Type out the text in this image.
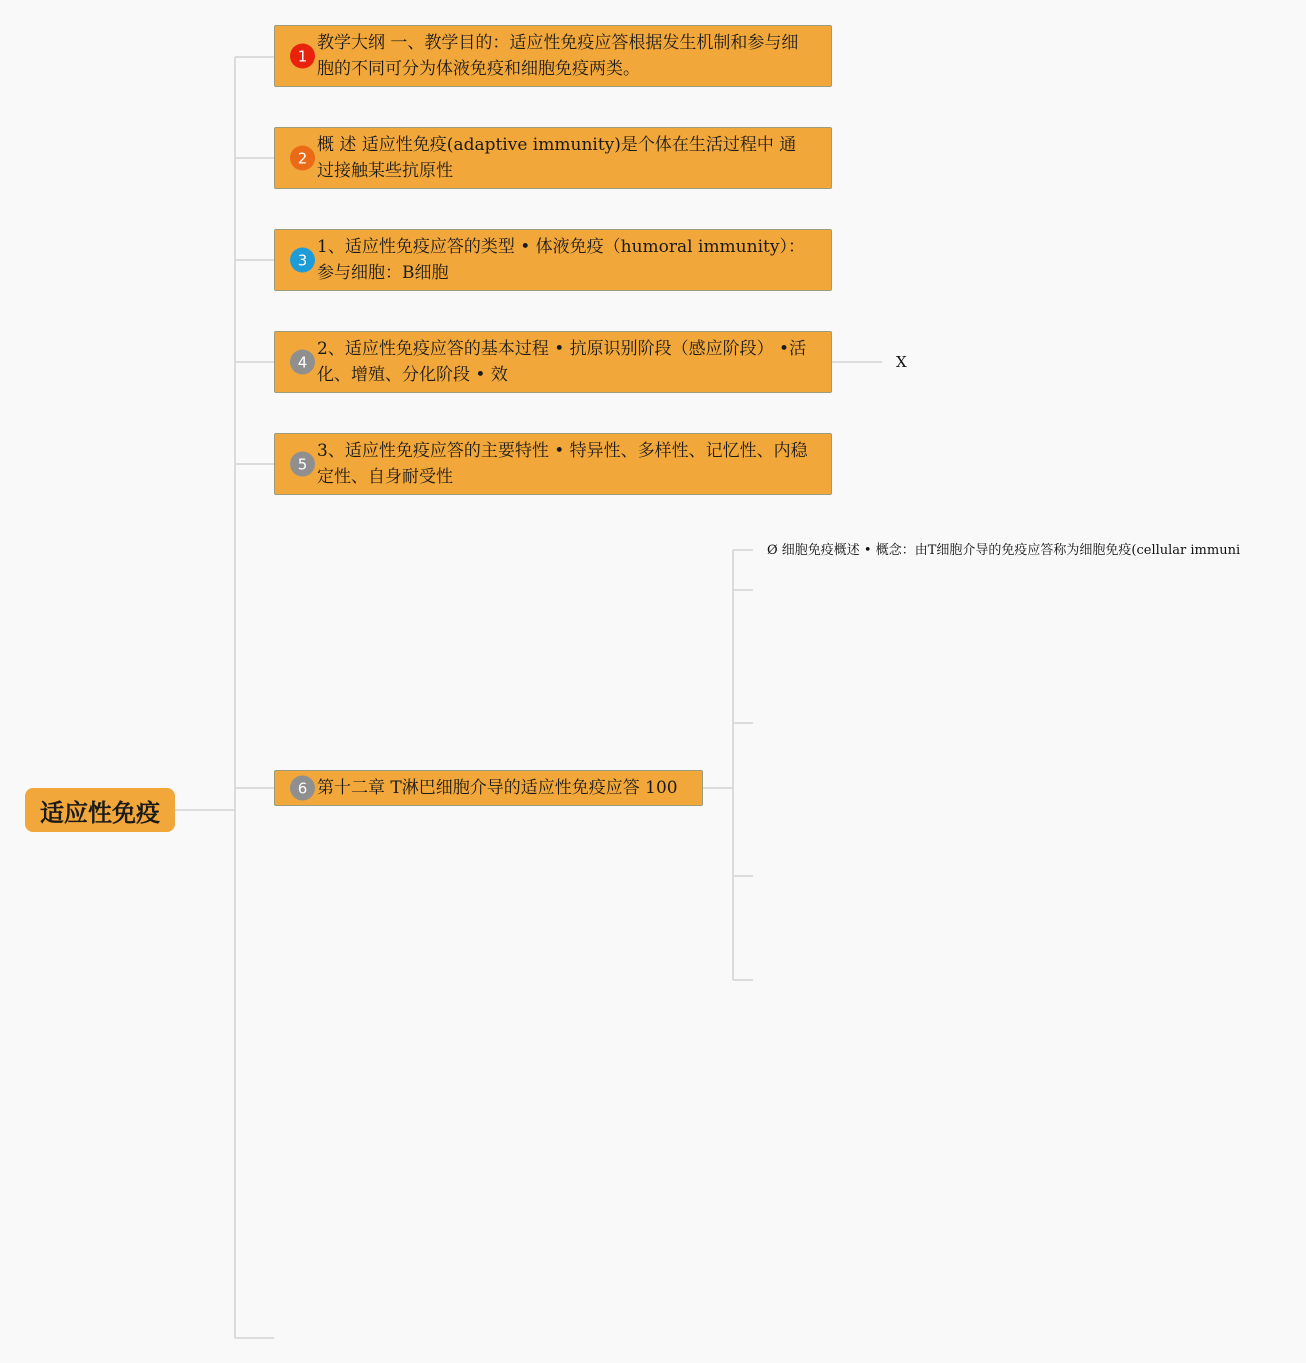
适应性免疫
1
教学大纲 一、教学目的：适应性免疫应答根据发生机制和参与细胞的不同可分为体液免疫和细胞免疫两类。
2
概 述 适应性免疫(adaptive immunity)是个体在生活过程中 通过接触某些抗原性
3
1、适应性免疫应答的类型 • 体液免疫（humoral immunity）：参与细胞：B细胞
4
2、适应性免疫应答的基本过程 • 抗原识别阶段（感应阶段） •活化、增殖、分化阶段 • 效
5
3、适应性免疫应答的主要特性 • 特异性、多样性、记忆性、内稳定性、自身耐受性
6 第十二章 T淋巴细胞介导的适应性免疫应答 100
X
Ø 细胞免疫概述 • 概念：由T细胞介导的免疫应答称为细胞免疫(cellular immuni
